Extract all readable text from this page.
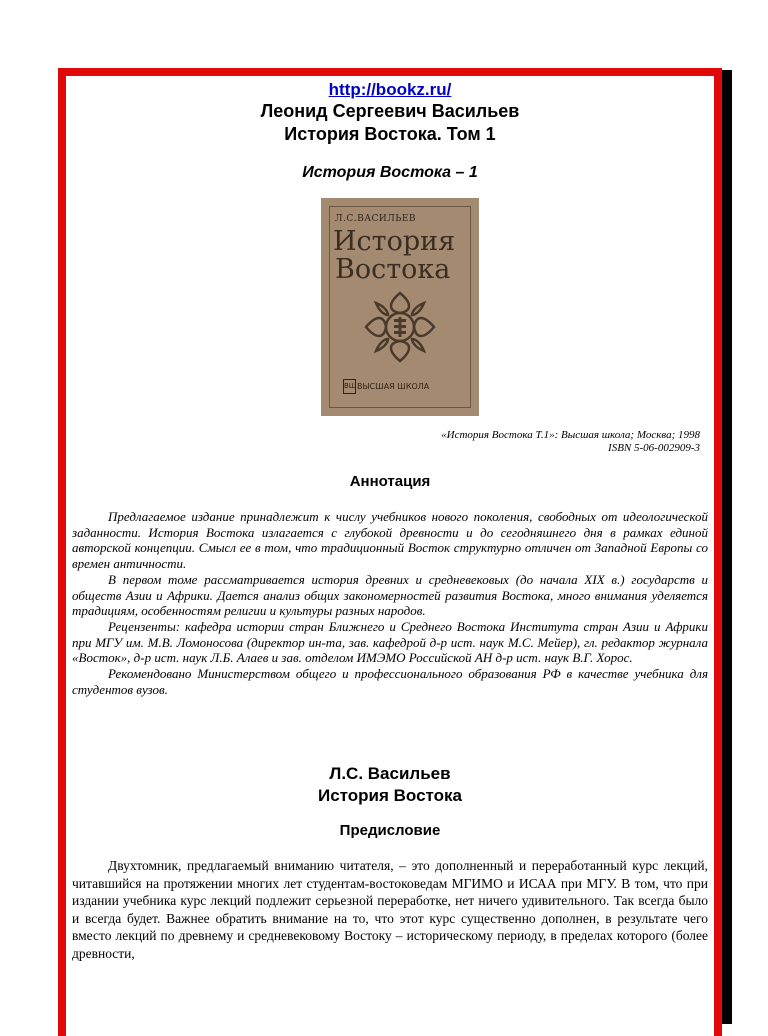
http://bookz.ru/
Леонид Сергеевич Васильев
История Востока. Том 1
История Востока – 1
Л.С.ВАСИЛЬЕВ
История
Востока
ВШ ВЫСШАЯ ШКОЛА
«История Востока Т.1»: Высшая школа; Москва; 1998
ISBN 5-06-002909-3
Аннотация

Предлагаемое издание принадлежит к числу учебников нового поколения, свободных от идеологической заданности. История Востока излагается с глубокой древности и до сегодняшнего дня в рамках единой авторской концепции. Смысл ее в том, что традиционный Восток структурно отличен от Западной Европы со времен античности.

В первом томе рассматривается история древних и средневековых (до начала XIX в.) государств и обществ Азии и Африки. Дается анализ общих закономерностей развития Востока, много внимания уделяется традициям, особенностям религии и культуры разных народов.

Рецензенты: кафедра истории стран Ближнего и Среднего Востока Института стран Азии и Африки при МГУ им. М.В. Ломоносова (директор ин-та, зав. кафедрой д-р ист. наук М.С. Мейер), гл. редактор журнала «Восток», д-р ист. наук Л.Б. Алаев и зав. отделом ИМЭМО Российской АН д-р ист. наук В.Г. Хорос.

Рекомендовано Министерством общего и профессионального образования РФ в качестве учебника для студентов вузов.

Л.С. Васильев
История Востока
Предисловие

Двухтомник, предлагаемый вниманию читателя, – это дополненный и переработанный курс лекций, читавшийся на протяжении многих лет студентам-востоковедам МГИМО и ИСАА при МГУ. В том, что при издании учебника курс лекций подлежит серьезной переработке, нет ничего удивительного. Так всегда было и всегда будет. Важнее обратить внимание на то, что этот курс существенно дополнен, в результате чего вместо лекций по древнему и средневековому Востоку – историческому периоду, в пределах которого (более древности,
